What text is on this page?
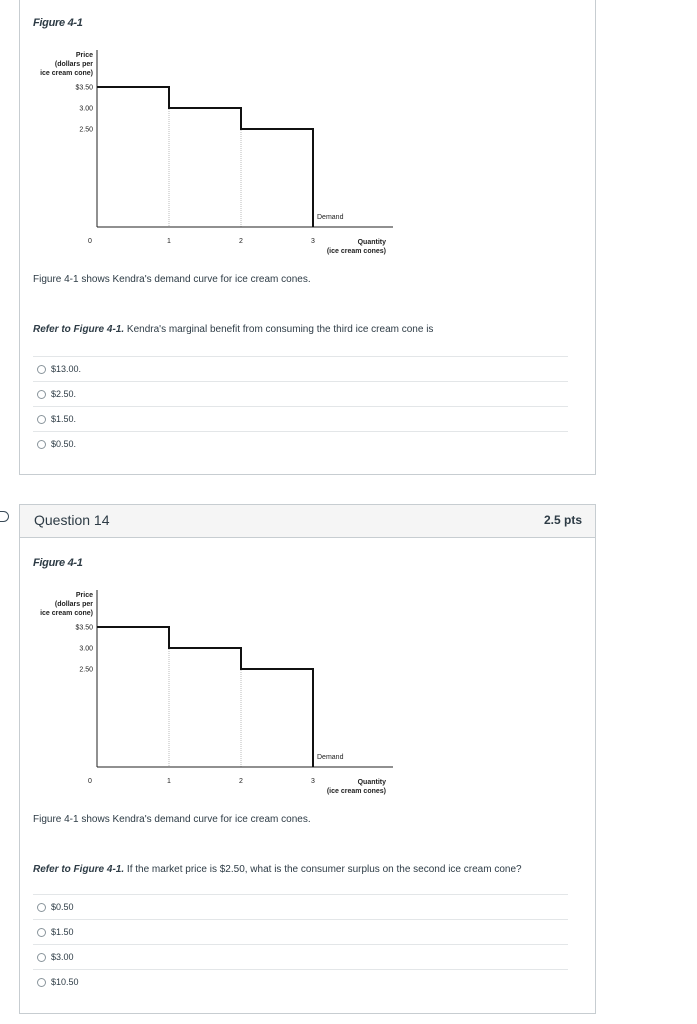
Figure 4-1
Price
(dollars per
ice cream cone)
$3.50
3.00
2.50
0	1	2	3
Demand
Quantity
(ice cream cones)
Figure 4-1 shows Kendra's demand curve for ice cream cones.
Refer to Figure 4-1. Kendra's marginal benefit from consuming the third ice cream cone is
$13.00.
$2.50.
$1.50.
$0.50.
Question 14	2.5 pts
Figure 4-1
Price
(dollars per
ice cream cone)
$3.50
3.00
2.50
0	1	2	3
Demand
Quantity
(ice cream cones)
Figure 4-1 shows Kendra's demand curve for ice cream cones.
Refer to Figure 4-1. If the market price is $2.50, what is the consumer surplus on the second ice cream cone?
$0.50
$1.50
$3.00
$10.50
